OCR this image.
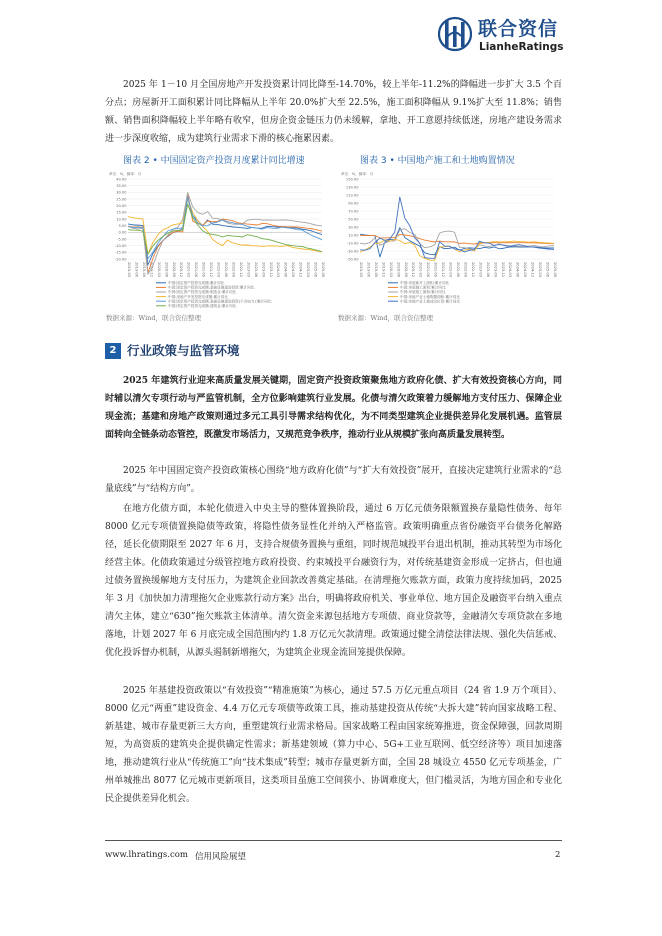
联合资信
LianheRatings

2025 年 1－10 月全国房地产开发投资累计同比降至-14.70%，较上半年-11.2%的降幅进一步扩大 3.5 个百分点；房屋新开工面积累计同比降幅从上半年 20.0%扩大至 22.5%，施工面积降幅从 9.1%扩大至 11.8%；销售额、销售面积降幅较上半年略有收窄，但房企资金链压力仍未缓解，拿地、开工意愿持续低迷，房地产建设务需求进一步深度收缩，成为建筑行业需求下滑的核心拖累因素。

图表 2 • 中国固定资产投资月度累计同比增速	图表 3 • 中国地产施工和土地购置情况
单位：%，频率：月
40.00
35.00
30.00
25.00
20.00
15.00
10.00
5.00
0.00
-5.00
-10.00
-15.00
-20.00
2019-03 2019-06 2019-09 2019-12 2020-03 2020-06 2020-09 2020-12 2021-03 2021-06 2021-09 2021-12 2022-03 2022-06 2022-09 2022-12 2023-03 2023-06 2023-09 2023-12 2024-03 2024-06 2024-09 2024-12 2025-03 2025-06 2025-09
中国:固定资产投资完成额:累计同比
中国:固定资产投资完成额:基础设施建设投资:累计同比
中国:固定资产投资完成额:制造业:累计同比
中国:房地产开发投资完成额:累计同比
中国:固定资产投资完成额:基础设施建设投资(不含电力):累计同比
中国:固定资产投资完成额:建筑业:累计同比
单位：%，频率：月
150.00
130.00
110.00
90.00
70.00
50.00
30.00
10.00
-10.00
-30.00
-50.00
2019-03 2019-06 2019-09 2019-12 2020-03 2020-06 2020-09 2020-12 2021-03 2021-06 2021-09 2021-12 2022-03 2022-06 2022-09 2022-12 2023-03 2023-06 2023-09 2023-12 2024-03 2024-06 2024-09 2024-12 2025-03 2025-06 2025-09
中国:房屋新开工面积:累计同比
中国:房屋施工面积:累计同比
中国:房屋竣工面积:累计同比
中国:房地产业土地购置面积:累计同比
中国:房地产业土地成交价款:累计同比
数据来源：Wind，联合资信整理	数据来源：Wind，联合资信整理
2 行业政策与监管环境

2025 年建筑行业迎来高质量发展关键期，固定资产投资政策聚焦地方政府化债、扩大有效投资核心方向，同时辅以清欠专项行动与严监管机制，全方位影响建筑行业发展。化债与清欠政策着力缓解地方支付压力、保障企业现金流；基建和房地产政策则通过多元工具引导需求结构优化，为不同类型建筑企业提供差异化发展机遇。监管层面转向全链条动态管控，既激发市场活力，又规范竞争秩序，推动行业从规模扩张向高质量发展转型。

2025 年中国固定资产投资政策核心围绕“地方政府化债”与“扩大有效投资”展开，直接决定建筑行业需求的“总量底线”与“结构方向”。

在地方化债方面，本轮化债进入中央主导的整体置换阶段，通过 6 万亿元债务限额置换存量隐性债务、每年 8000 亿元专项债置换隐债等政策，将隐性债务显性化并纳入严格监管。政策明确重点省份融资平台债务化解路径，延长化债期限至 2027 年 6 月，支持合规债务置换与重组，同时规范城投平台退出机制，推动其转型为市场化经营主体。化债政策通过分级管控地方政府投资、约束城投平台融资行为，对传统基建资金形成一定挤占，但也通过债务置换缓解地方支付压力，为建筑企业回款改善奠定基础。在清理拖欠账款方面，政策力度持续加码，2025 年 3 月《加快加力清理拖欠企业账款行动方案》出台，明确将政府机关、事业单位、地方国企及融资平台纳入重点清欠主体，建立“630”拖欠账款主体清单。清欠资金来源包括地方专项债、商业贷款等，金融清欠专项贷款在多地落地，计划 2027 年 6 月底完成全国范围内约 1.8 万亿元欠款清理。政策通过健全清偿法律法规、强化失信惩戒、优化投诉督办机制，从源头遏制新增拖欠，为建筑企业现金流回笼提供保障。

2025 年基建投资政策以“有效投资”“精准施策”为核心，通过 57.5 万亿元重点项目（24 省 1.9 万个项目）、8000 亿元“两重”建设资金、4.4 万亿元专项债等政策工具，推动基建投资从传统“大拆大建”转向国家战略工程、新基建、城市存量更新三大方向，重塑建筑行业需求格局。国家战略工程由国家统筹推进，资金保障强，回款周期短，为高资质的建筑央企提供确定性需求；新基建领域（算力中心、5G+工业互联网、低空经济等）项目加速落地，推动建筑行业从“传统施工”向“技术集成”转型；城市存量更新方面，全国 28 城设立 4550 亿元专项基金，广州单城推出 8077 亿元城市更新项目，这类项目虽施工空间狭小、协调难度大，但门槛灵活，为地方国企和专业化民企提供差异化机会。

www.lhratings.com 信用风险展望	2
